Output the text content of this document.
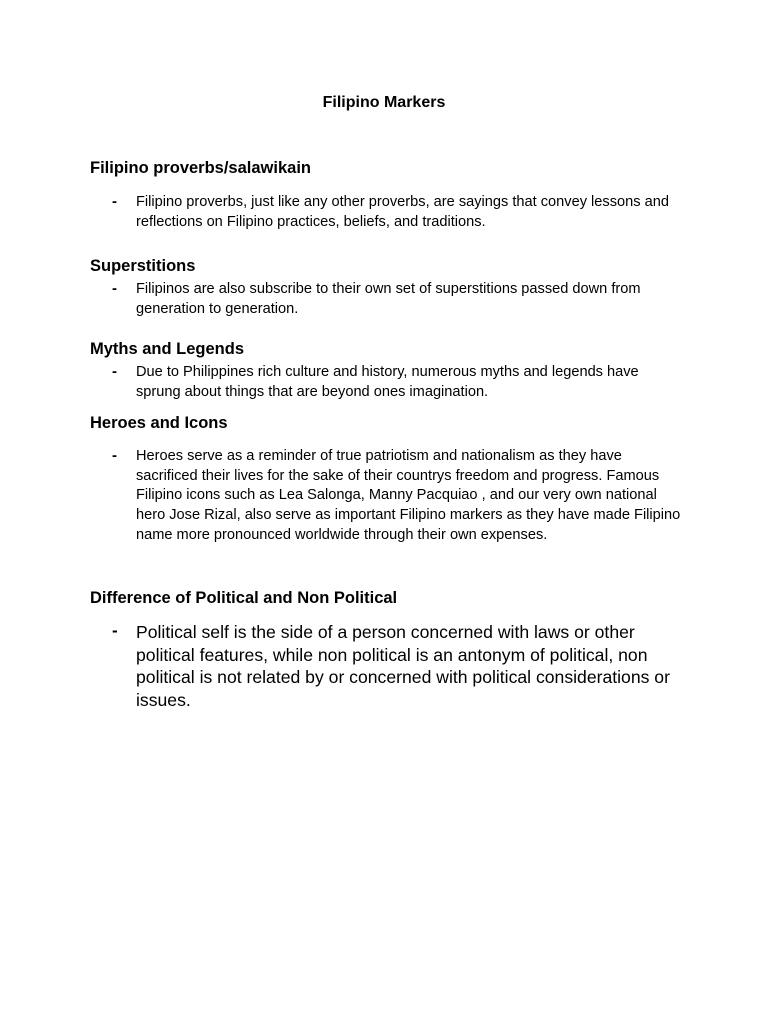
Filipino Markers
Filipino proverbs/salawikain
- Filipino proverbs, just like any other proverbs, are sayings that convey lessons and reflections on Filipino practices, beliefs, and traditions.
Superstitions
- Filipinos are also subscribe to their own set of superstitions passed down from generation to generation.
Myths and Legends
- Due to Philippines rich culture and history, numerous myths and legends have sprung about things that are beyond ones imagination.
Heroes and Icons
- Heroes serve as a reminder of true patriotism and nationalism as they have sacrificed their lives for the sake of their countrys freedom and progress. Famous Filipino icons such as Lea Salonga, Manny Pacquiao , and our very own national hero Jose Rizal, also serve as important Filipino markers as they have made Filipino name more pronounced worldwide through their own expenses.
Difference of Political and Non Political
- Political self is the side of a person concerned with laws or other political features, while non political is an antonym of political, non political is not related by or concerned with political considerations or issues.
